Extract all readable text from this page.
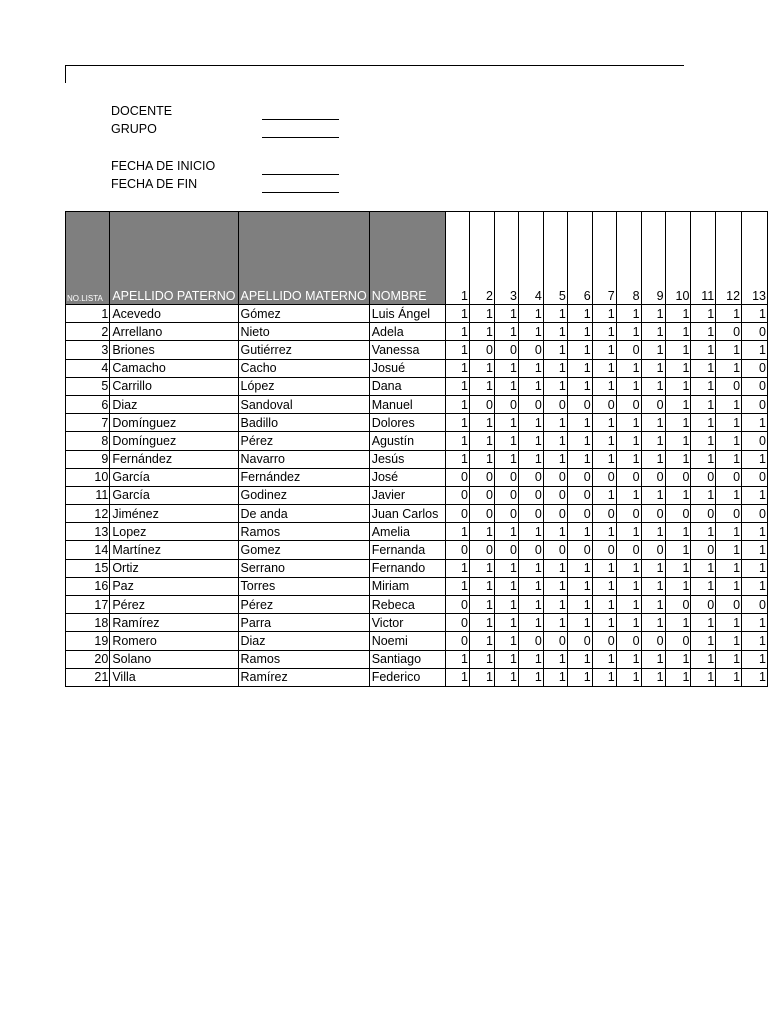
DOCENTE
GRUPO
FECHA DE INICIO
FECHA DE FIN
NO.LISTA	APELLIDO PATERNO	APELLIDO MATERNO	NOMBRE	1	2	3	4	5	6	7	8	9	10	11	12	13
1	Acevedo	Gómez	Luis Ángel	1	1	1	1	1	1	1	1	1	1	1	1	1
2	Arrellano	Nieto	Adela	1	1	1	1	1	1	1	1	1	1	1	0	0
3	Briones	Gutiérrez	Vanessa	1	0	0	0	1	1	1	0	1	1	1	1	1
4	Camacho	Cacho	Josué	1	1	1	1	1	1	1	1	1	1	1	1	0
5	Carrillo	López	Dana	1	1	1	1	1	1	1	1	1	1	1	0	0
6	Diaz	Sandoval	Manuel	1	0	0	0	0	0	0	0	0	1	1	1	0
7	Domínguez	Badillo	Dolores	1	1	1	1	1	1	1	1	1	1	1	1	1
8	Domínguez	Pérez	Agustín	1	1	1	1	1	1	1	1	1	1	1	1	0
9	Fernández	Navarro	Jesús	1	1	1	1	1	1	1	1	1	1	1	1	1
10	García	Fernández	José	0	0	0	0	0	0	0	0	0	0	0	0	0
11	García	Godinez	Javier	0	0	0	0	0	0	1	1	1	1	1	1	1
12	Jiménez	De anda	Juan Carlos	0	0	0	0	0	0	0	0	0	0	0	0	0
13	Lopez	Ramos	Amelia	1	1	1	1	1	1	1	1	1	1	1	1	1
14	Martínez	Gomez	Fernanda	0	0	0	0	0	0	0	0	0	1	0	1	1
15	Ortiz	Serrano	Fernando	1	1	1	1	1	1	1	1	1	1	1	1	1
16	Paz	Torres	Miriam	1	1	1	1	1	1	1	1	1	1	1	1	1
17	Pérez	Pérez	Rebeca	0	1	1	1	1	1	1	1	1	0	0	0	0
18	Ramírez	Parra	Victor	0	1	1	1	1	1	1	1	1	1	1	1	1
19	Romero	Diaz	Noemi	0	1	1	0	0	0	0	0	0	0	1	1	1
20	Solano	Ramos	Santiago	1	1	1	1	1	1	1	1	1	1	1	1	1
21	Villa	Ramírez	Federico	1	1	1	1	1	1	1	1	1	1	1	1	1
